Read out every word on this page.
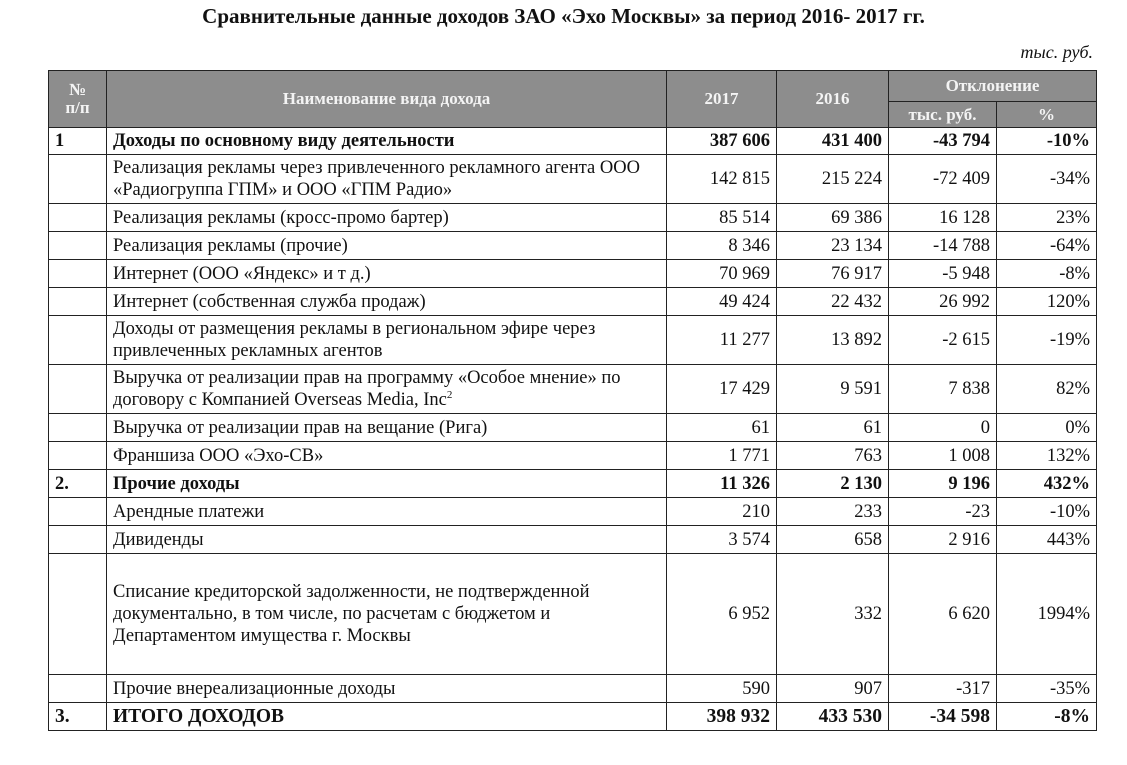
Сравнительные данные доходов ЗАО «Эхо Москвы» за период 2016- 2017 гг.
тыс. руб.
№
п/п	Наименование вида дохода	2017	2016	Отклонение	
				тыс. руб.	%
1	Доходы по основному виду деятельности	387 606	431 400	-43 794	-10%
	Реализация рекламы через привлеченного рекламного агента ООО «Радиогруппа ГПМ» и ООО «ГПМ Радио»	142 815	215 224	-72 409	-34%
	Реализация рекламы (кросс-промо бартер)	85 514	69 386	16 128	23%
	Реализация рекламы (прочие)	8 346	23 134	-14 788	-64%
	Интернет (ООО «Яндекс» и т д.)	70 969	76 917	-5 948	-8%
	Интернет (собственная служба продаж)	49 424	22 432	26 992	120%
	Доходы от размещения рекламы в региональном эфире через привлеченных рекламных агентов	11 277	13 892	-2 615	-19%
	Выручка от реализации прав на программу «Особое мнение» по договору с Компанией Overseas Media, Inc$^2$	17 429	9 591	7 838	82%
	Выручка от реализации прав на вещание (Рига)	61	61	0	0%
	Франшиза ООО «Эхо-СВ»	1 771	763	1 008	132%
2.	Прочие доходы	11 326	2 130	9 196	432%
	Арендные платежи	210	233	-23	-10%
	Дивиденды	3 574	658	2 916	443%
	Списание кредиторской задолженности, не подтвержденной документально, в том числе, по расчетам с бюджетом и Департаментом имущества г. Москвы	6 952	332	6 620	1994%
	Прочие внереализационные доходы	590	907	-317	-35%
3.	ИТОГО ДОХОДОВ	398 932	433 530	-34 598	-8%
